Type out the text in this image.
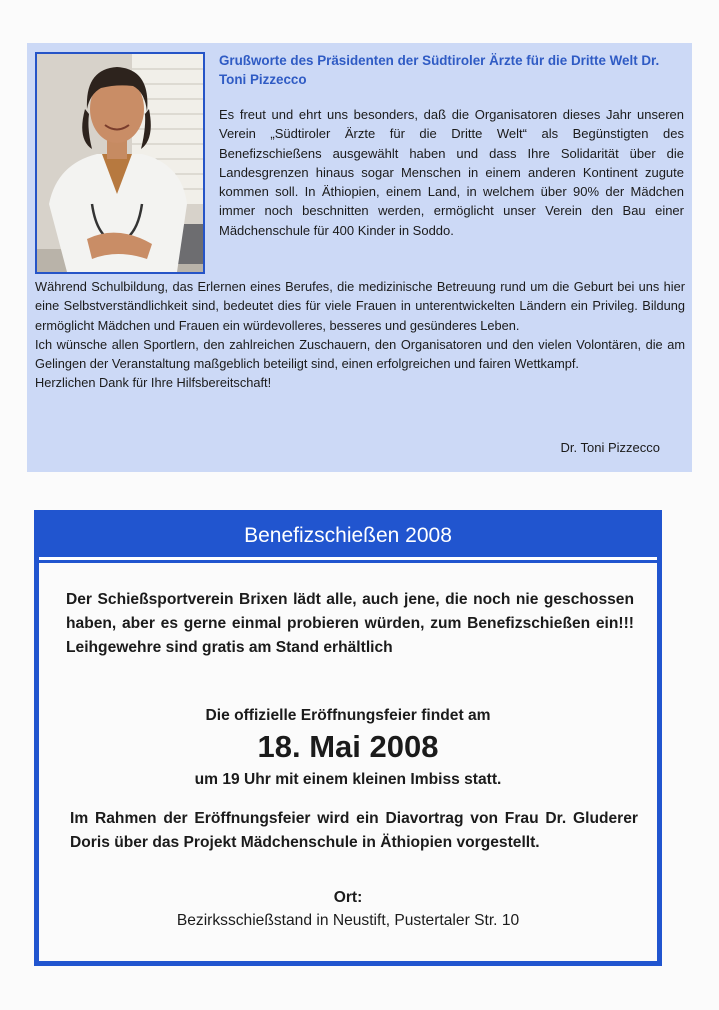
Grußworte des Präsidenten der Südtiroler Ärzte für die Dritte Welt Dr. Toni Pizzecco

Es freut und ehrt uns besonders, daß die Organisatoren dieses Jahr unseren Verein „Südtiroler Ärzte für die Dritte Welt“ als Begünstigten des Benefizschießens ausgewählt haben und dass Ihre Solidarität über die Landesgrenzen hinaus sogar Menschen in einem anderen Kontinent zugute kommen soll. In Äthiopien, einem Land, in welchem über 90% der Mädchen immer noch beschnitten werden, ermöglicht unser Verein den Bau einer Mädchenschule für 400 Kinder in Soddo.

Während Schulbildung, das Erlernen eines Berufes, die medizinische Betreuung rund um die Geburt bei uns hier eine Selbstverständlichkeit sind, bedeutet dies für viele Frauen in unterentwickelten Ländern ein Privileg. Bildung ermöglicht Mädchen und Frauen ein würdevolleres, besseres und gesünderes Leben.

Ich wünsche allen Sportlern, den zahlreichen Zuschauern, den Organisatoren und den vielen Volontären, die am Gelingen der Veranstaltung maßgeblich beteiligt sind, einen erfolgreichen und fairen Wettkampf.

Herzlichen Dank für Ihre Hilfsbereitschaft!

Dr. Toni Pizzecco

Benefizschießen 2008

Der Schießsportverein Brixen lädt alle, auch jene, die noch nie geschossen haben, aber es gerne einmal probieren würden, zum Benefizschießen ein!!! Leihgewehre sind gratis am Stand erhältlich

Die offizielle Eröffnungsfeier findet am

18. Mai 2008

um 19 Uhr mit einem kleinen Imbiss statt.

Im Rahmen der Eröffnungsfeier wird ein Diavortrag von Frau Dr. Gluderer Doris über das Projekt Mädchenschule in Äthiopien vorgestellt.

Ort:

Bezirksschießstand in Neustift, Pustertaler Str. 10
